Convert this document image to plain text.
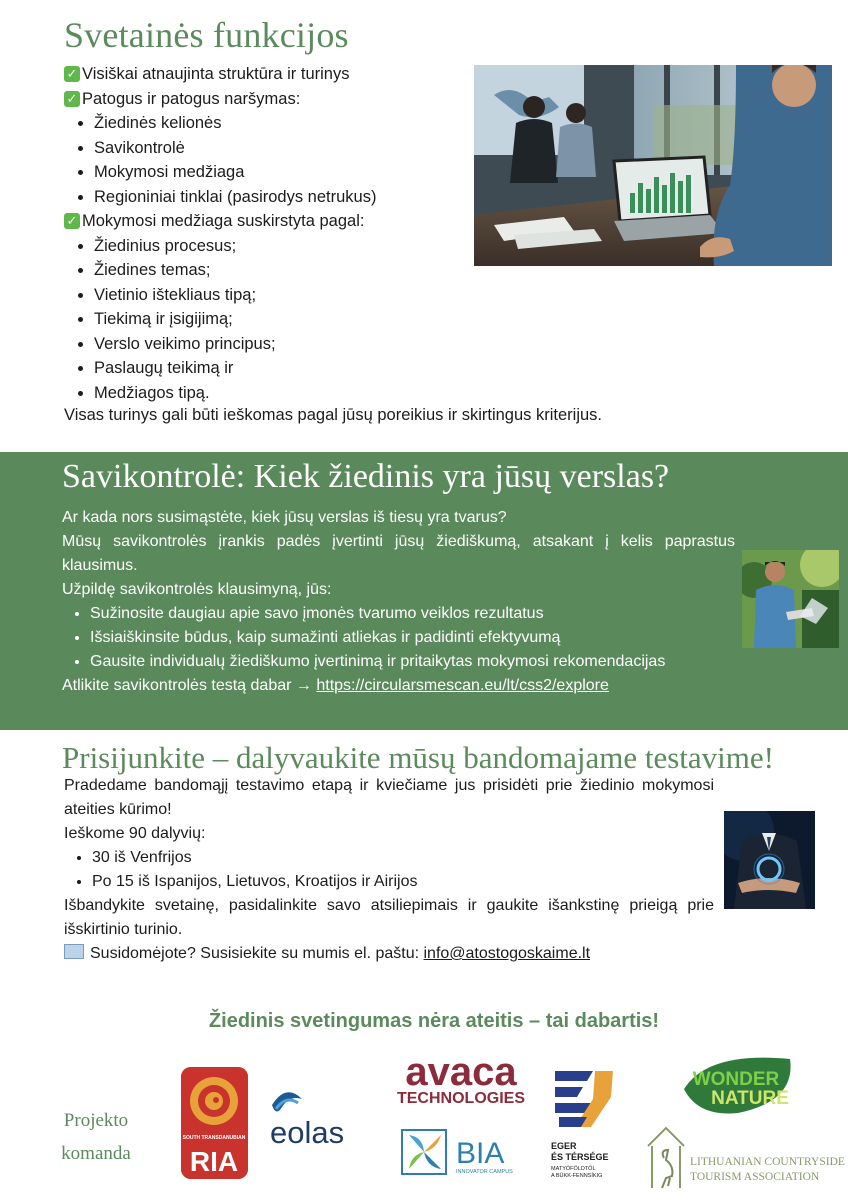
Svetainės funkcijos
✓ Visiškai atnaujinta struktūra ir turinys
✓ Patogus ir patogus naršymas:
• Žiedinės kelionės
• Savikontrolė
• Mokymosi medžiaga
• Regioniniai tinklai (pasirodys netrukus)
✓ Mokymosi medžiaga suskirstyta pagal:
• Žiedinius procesus;
• Žiedines temas;
• Vietinio ištekliaus tipą;
• Tiekimą ir įsigijimą;
• Verslo veikimo principus;
• Paslaugų teikimą ir
• Medžiagos tipą.
Visas turinys gali būti ieškomas pagal jūsų poreikius ir skirtingus kriterijus.
Savikontrolė: Kiek žiedinis yra jūsų verslas?
Ar kada nors susimąstėte, kiek jūsų verslas iš tiesų yra tvarus?
Mūsų savikontrolės įrankis padės įvertinti jūsų žiediškumą, atsakant į kelis paprastus klausimus.
Užpildę savikontrolės klausimyną, jūs:
• Sužinosite daugiau apie savo įmonės tvarumo veiklos rezultatus
• Išsiaiškinsite būdus, kaip sumažinti atliekas ir padidinti efektyvumą
• Gausite individualų žiediškumo įvertinimą ir pritaikytas mokymosi rekomendacijas
Atlikite savikontrolės testą dabar → https://circularsmescan.eu/lt/css2/explore
Prisijunkite – dalyvaukite mūsų bandomajame testavime!
Pradedame bandomąjį testavimo etapą ir kviečiame jus prisidėti prie žiedinio mokymosi ateities kūrimo!
Ieškome 90 dalyvių:
• 30 iš Venfrijos
• Po 15 iš Ispanijos, Lietuvos, Kroatijos ir Airijos
Išbandykite svetainę, pasidalinkite savo atsiliepimais ir gaukite išankstinę prieigą prie išskirtinio turinio.
Susidomėjote? Susisiekite su mumis el. paštu: info@atostogoskaime.lt
Žiedinis svetingumas nėra ateitis – tai dabartis!
Projekto
komanda
SOUTH TRANSDANUBIAN
RIA
eolas
avaca
TECHNOLOGIES
BIA
INNOVATOR CAMPUS
EGER
ÉS TÉRSÉGE
MATYÓFÖLDTŐL
A BÜKK-FENNSÍKIG
WONDER
NATURE
LITHUANIAN COUNTRYSIDE
TOURISM ASSOCIATION
